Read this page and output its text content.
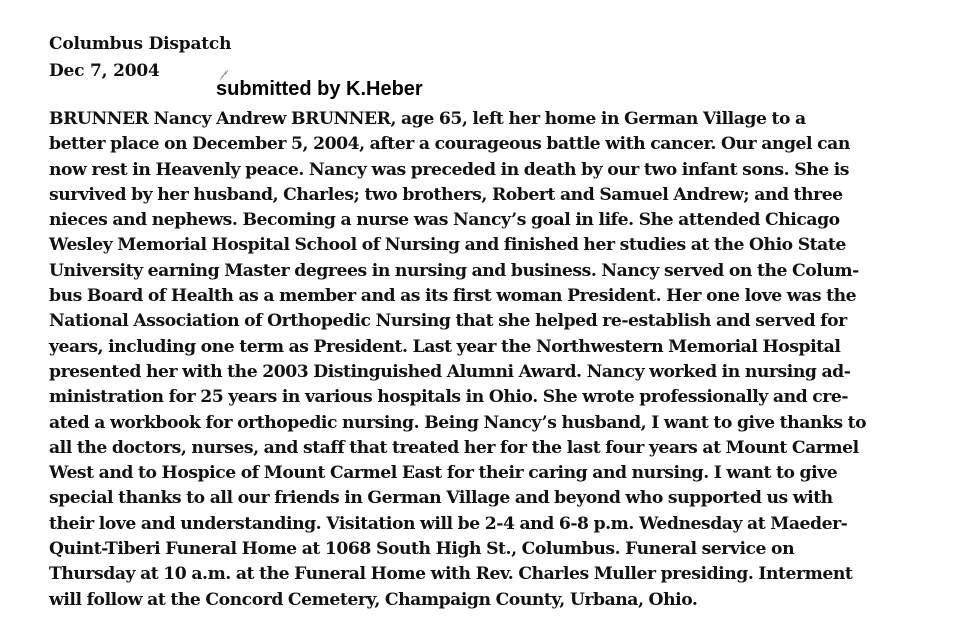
Columbus Dispatch
Dec 7, 2004
submitted by K.Heber
BRUNNER Nancy Andrew BRUNNER, age 65, left her home in German Village to a
better place on December 5, 2004, after a courageous battle with cancer. Our angel can
now rest in Heavenly peace. Nancy was preceded in death by our two infant sons. She is
survived by her husband, Charles; two brothers, Robert and Samuel Andrew; and three
nieces and nephews. Becoming a nurse was Nancy’s goal in life. She attended Chicago
Wesley Memorial Hospital School of Nursing and finished her studies at the Ohio State
University earning Master degrees in nursing and business. Nancy served on the Colum-
bus Board of Health as a member and as its first woman President. Her one love was the
National Association of Orthopedic Nursing that she helped re-establish and served for
years, including one term as President. Last year the Northwestern Memorial Hospital
presented her with the 2003 Distinguished Alumni Award. Nancy worked in nursing ad-
ministration for 25 years in various hospitals in Ohio. She wrote professionally and cre-
ated a workbook for orthopedic nursing. Being Nancy’s husband, I want to give thanks to
all the doctors, nurses, and staff that treated her for the last four years at Mount Carmel
West and to Hospice of Mount Carmel East for their caring and nursing. I want to give
special thanks to all our friends in German Village and beyond who supported us with
their love and understanding. Visitation will be 2-4 and 6-8 p.m. Wednesday at Maeder-
Quint-Tiberi Funeral Home at 1068 South High St., Columbus. Funeral service on
Thursday at 10 a.m. at the Funeral Home with Rev. Charles Muller presiding. Interment
will follow at the Concord Cemetery, Champaign County, Urbana, Ohio.
